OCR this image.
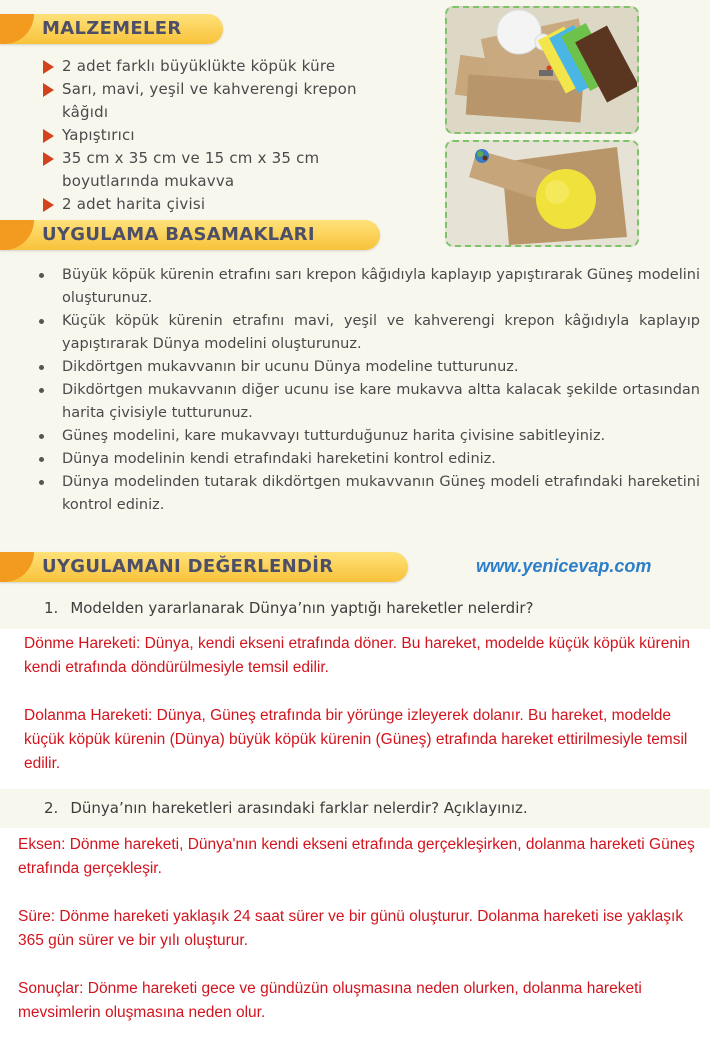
MALZEMELER
2 adet farklı büyüklükte köpük küre
Sarı, mavi, yeşil ve kahverengi krepon kâğıdı
Yapıştırıcı
35 cm x 35 cm ve 15 cm x 35 cm
boyutlarında mukavva
2 adet harita çivisi
UYGULAMA BASAMAKLARI
Büyük köpük kürenin etrafını sarı krepon kâğıdıyla kaplayıp yapıştırarak Güneş modelini oluşturunuz.
Küçük köpük kürenin etrafını mavi, yeşil ve kahverengi krepon kâğıdıyla kaplayıp yapıştırarak Dünya modelini oluşturunuz.
Dikdörtgen mukavvanın bir ucunu Dünya modeline tutturunuz.
Dikdörtgen mukavvanın diğer ucunu ise kare mukavva altta kalacak şekilde ortasından harita çivisiyle tutturunuz.
Güneş modelini, kare mukavvayı tutturduğunuz harita çivisine sabitleyiniz.
Dünya modelinin kendi etrafındaki hareketini kontrol ediniz.
Dünya modelinden tutarak dikdörtgen mukavvanın Güneş modeli etrafındaki hareketini kontrol ediniz.
UYGULAMANI DEĞERLENDİR	www.yenicevap.com
1. Modelden yararlanarak Dünya’nın yaptığı hareketler nelerdir?

Dönme Hareketi: Dünya, kendi ekseni etrafında döner. Bu hareket, modelde küçük köpük kürenin kendi etrafında döndürülmesiyle temsil edilir.

Dolanma Hareketi: Dünya, Güneş etrafında bir yörünge izleyerek dolanır. Bu hareket, modelde küçük köpük kürenin (Dünya) büyük köpük kürenin (Güneş) etrafında hareket ettirilmesiyle temsil edilir.

2. Dünya’nın hareketleri arasındaki farklar nelerdir? Açıklayınız.

Eksen: Dönme hareketi, Dünya'nın kendi ekseni etrafında gerçekleşirken, dolanma hareketi Güneş etrafında gerçekleşir.

Süre: Dönme hareketi yaklaşık 24 saat sürer ve bir günü oluşturur. Dolanma hareketi ise yaklaşık 365 gün sürer ve bir yılı oluşturur.

Sonuçlar: Dönme hareketi gece ve gündüzün oluşmasına neden olurken, dolanma hareketi mevsimlerin oluşmasına neden olur.
